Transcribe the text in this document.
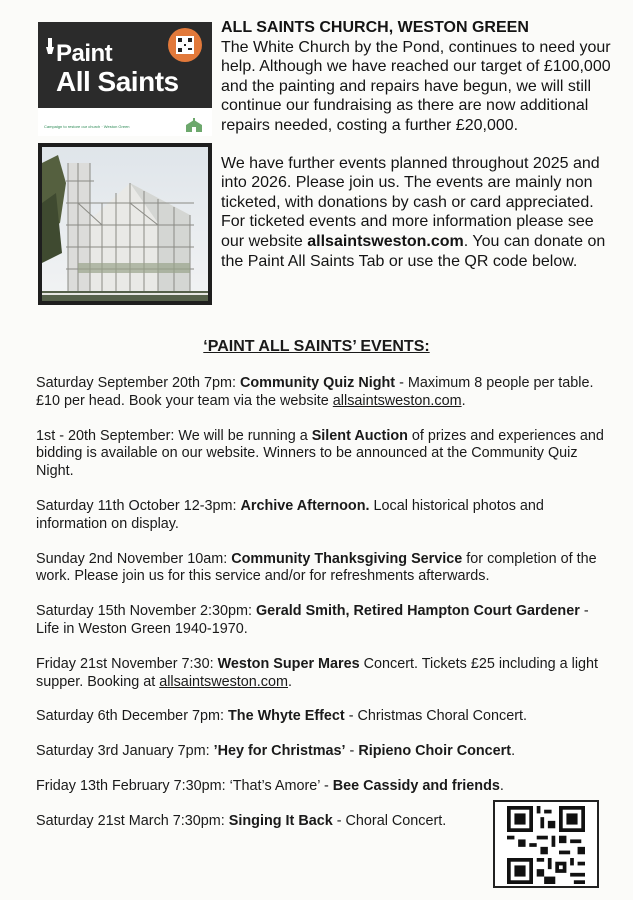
Paint
All Saints
Campaign to restore our church · Weston Green

ALL SAINTS CHURCH, WESTON GREEN
The White Church by the Pond, continues to need your help. Although we have reached our target of £100,000 and the painting and repairs have begun, we will still continue our fundraising as there are now additional repairs needed, costing a further £20,000.

We have further events planned throughout 2025 and into 2026. Please join us. The events are mainly non ticketed, with donations by cash or card appreciated. For ticketed events and more information please see our website allsaintsweston.com. You can donate on the Paint All Saints Tab or use the QR code below.

‘PAINT ALL SAINTS’ EVENTS:

Saturday September 20th 7pm: Community Quiz Night - Maximum 8 people per table. £10 per head. Book your team via the website allsaintsweston.com.

1st - 20th September: We will be running a Silent Auction of prizes and experiences and bidding is available on our website. Winners to be announced at the Community Quiz Night.

Saturday 11th October 12-3pm: Archive Afternoon. Local historical photos and information on display.

Sunday 2nd November 10am: Community Thanksgiving Service for completion of the work. Please join us for this service and/or for refreshments afterwards.

Saturday 15th November 2:30pm: Gerald Smith, Retired Hampton Court Gardener - Life in Weston Green 1940-1970.

Friday 21st November 7:30: Weston Super Mares Concert. Tickets £25 including a light supper. Booking at allsaintsweston.com.

Saturday 6th December 7pm: The Whyte Effect - Christmas Choral Concert.

Saturday 3rd January 7pm: ’Hey for Christmas’ - Ripieno Choir Concert.

Friday 13th February 7:30pm: ‘That’s Amore’ - Bee Cassidy and friends.

Saturday 21st March 7:30pm: Singing It Back - Choral Concert.
